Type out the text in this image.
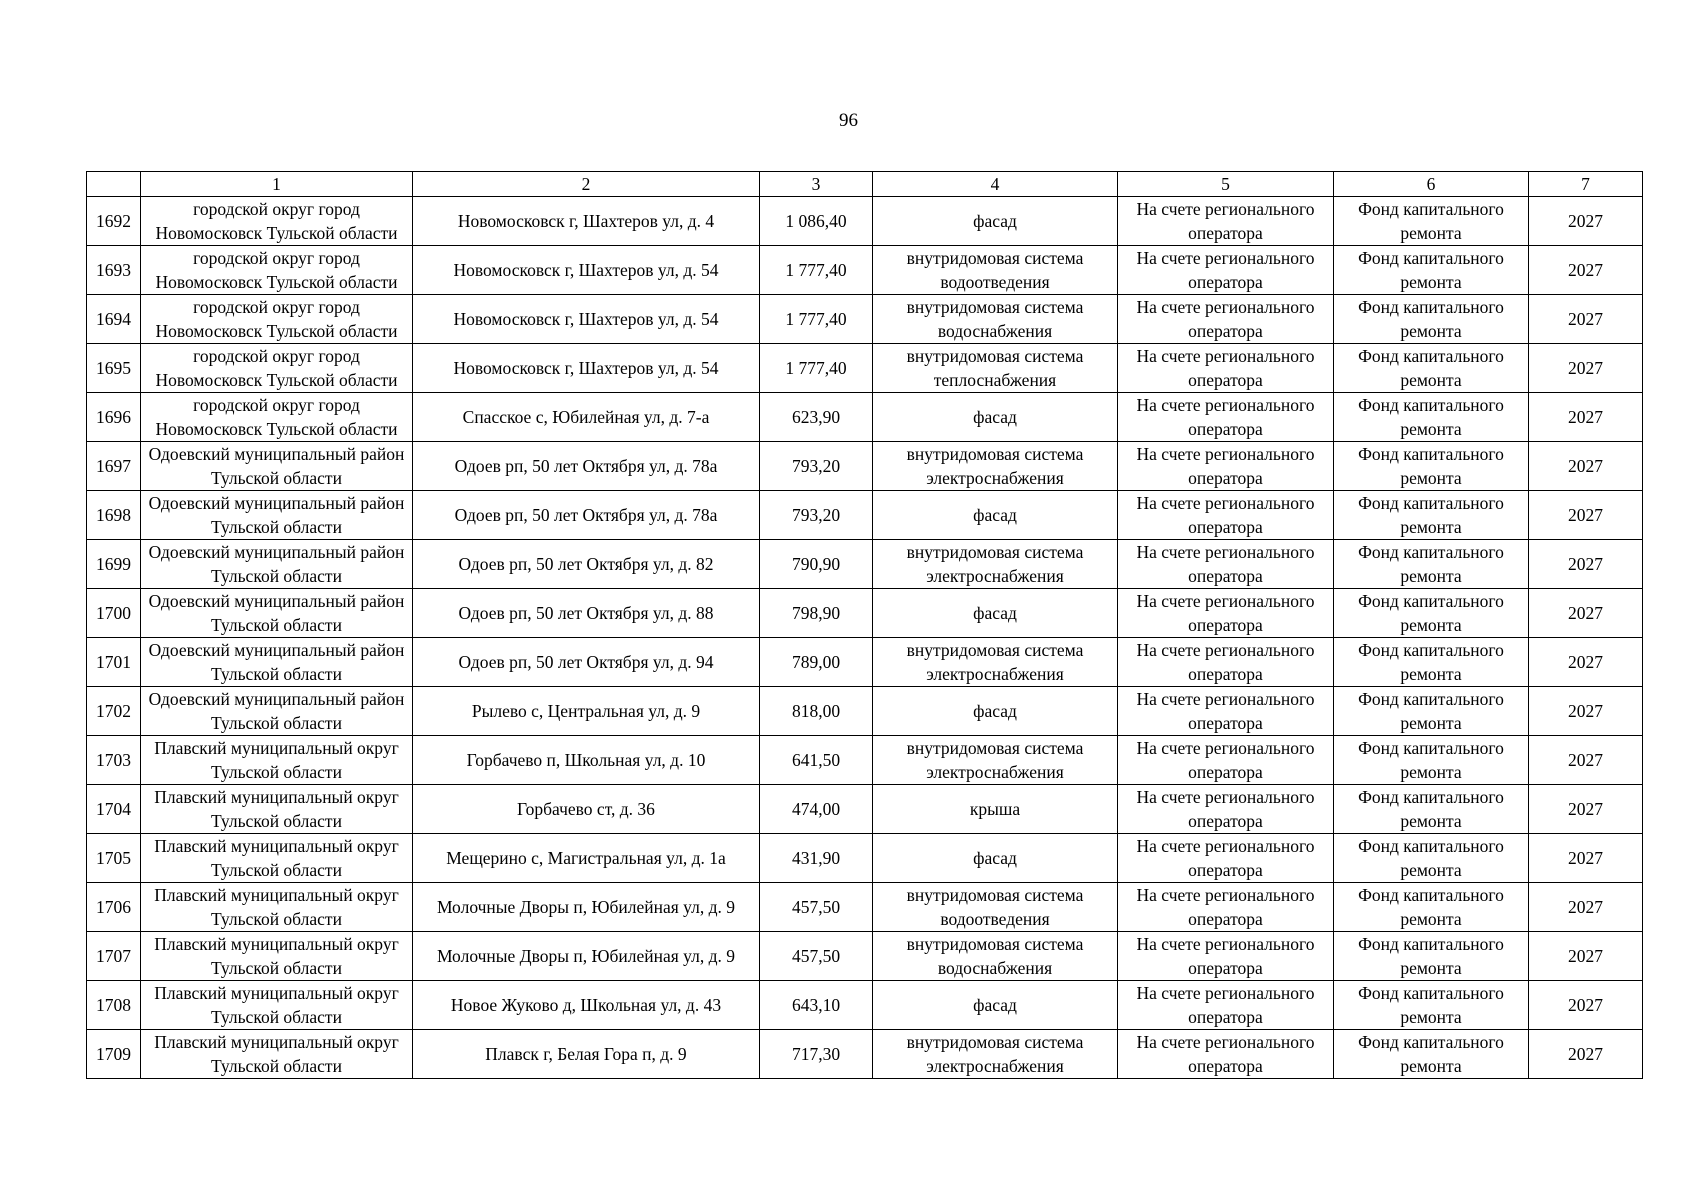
96
	1	2	3	4	5	6	7
1692	городской округ город Новомосковск Тульской области	Новомосковск г, Шахтеров ул, д. 4	1 086,40	фасад	На счете регионального оператора	Фонд капитального ремонта	2027
1693	городской округ город Новомосковск Тульской области	Новомосковск г, Шахтеров ул, д. 54	1 777,40	внутридомовая система водоотведения	На счете регионального оператора	Фонд капитального ремонта	2027
1694	городской округ город Новомосковск Тульской области	Новомосковск г, Шахтеров ул, д. 54	1 777,40	внутридомовая система водоснабжения	На счете регионального оператора	Фонд капитального ремонта	2027
1695	городской округ город Новомосковск Тульской области	Новомосковск г, Шахтеров ул, д. 54	1 777,40	внутридомовая система теплоснабжения	На счете регионального оператора	Фонд капитального ремонта	2027
1696	городской округ город Новомосковск Тульской области	Спасское с, Юбилейная ул, д. 7-а	623,90	фасад	На счете регионального оператора	Фонд капитального ремонта	2027
1697	Одоевский муниципальный район Тульской области	Одоев рп, 50 лет Октября ул, д. 78а	793,20	внутридомовая система электроснабжения	На счете регионального оператора	Фонд капитального ремонта	2027
1698	Одоевский муниципальный район Тульской области	Одоев рп, 50 лет Октября ул, д. 78а	793,20	фасад	На счете регионального оператора	Фонд капитального ремонта	2027
1699	Одоевский муниципальный район Тульской области	Одоев рп, 50 лет Октября ул, д. 82	790,90	внутридомовая система электроснабжения	На счете регионального оператора	Фонд капитального ремонта	2027
1700	Одоевский муниципальный район Тульской области	Одоев рп, 50 лет Октября ул, д. 88	798,90	фасад	На счете регионального оператора	Фонд капитального ремонта	2027
1701	Одоевский муниципальный район Тульской области	Одоев рп, 50 лет Октября ул, д. 94	789,00	внутридомовая система электроснабжения	На счете регионального оператора	Фонд капитального ремонта	2027
1702	Одоевский муниципальный район Тульской области	Рылево с, Центральная ул, д. 9	818,00	фасад	На счете регионального оператора	Фонд капитального ремонта	2027
1703	Плавский муниципальный округ Тульской области	Горбачево п, Школьная ул, д. 10	641,50	внутридомовая система электроснабжения	На счете регионального оператора	Фонд капитального ремонта	2027
1704	Плавский муниципальный округ Тульской области	Горбачево ст, д. 36	474,00	крыша	На счете регионального оператора	Фонд капитального ремонта	2027
1705	Плавский муниципальный округ Тульской области	Мещерино с, Магистральная ул, д. 1а	431,90	фасад	На счете регионального оператора	Фонд капитального ремонта	2027
1706	Плавский муниципальный округ Тульской области	Молочные Дворы п, Юбилейная ул, д. 9	457,50	внутридомовая система водоотведения	На счете регионального оператора	Фонд капитального ремонта	2027
1707	Плавский муниципальный округ Тульской области	Молочные Дворы п, Юбилейная ул, д. 9	457,50	внутридомовая система водоснабжения	На счете регионального оператора	Фонд капитального ремонта	2027
1708	Плавский муниципальный округ Тульской области	Новое Жуково д, Школьная ул, д. 43	643,10	фасад	На счете регионального оператора	Фонд капитального ремонта	2027
1709	Плавский муниципальный округ Тульской области	Плавск г, Белая Гора п, д. 9	717,30	внутридомовая система электроснабжения	На счете регионального оператора	Фонд капитального ремонта	2027
